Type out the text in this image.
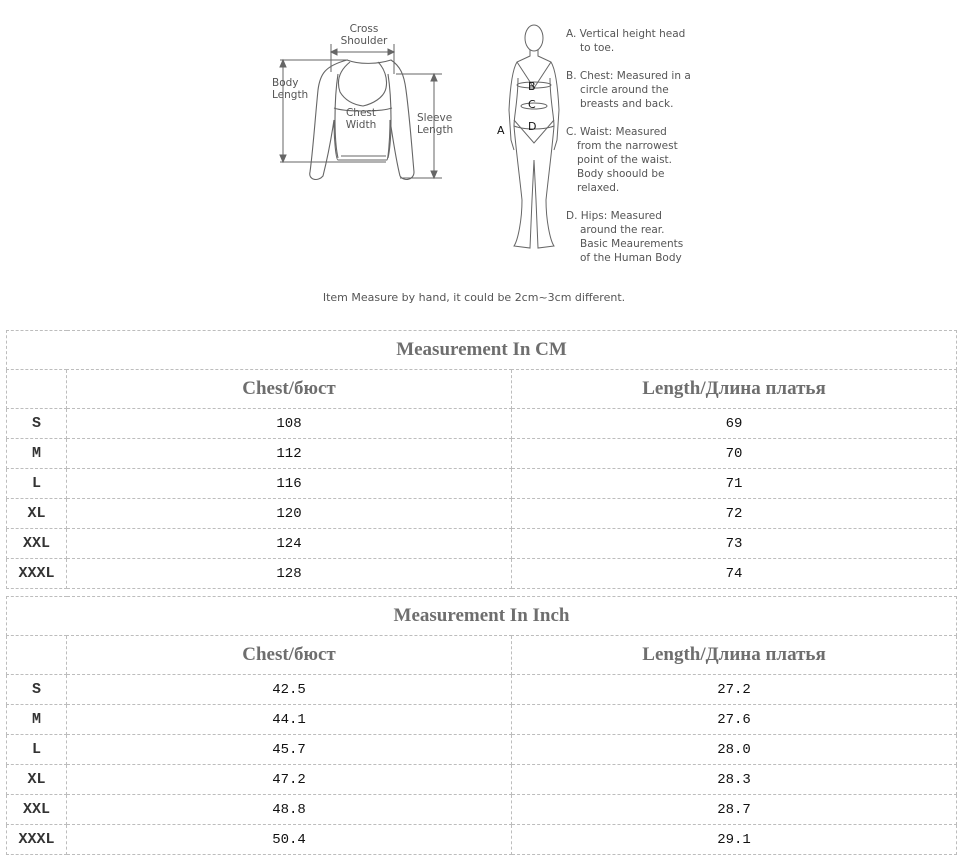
Cross
Shoulder
Body
Length
Chest
Width
Sleeve
Length
B
C
D
A
A. Vertical height head
to toe.
B. Chest: Measured in a
circle around the
breasts and back.
C. Waist: Measured
from the narrowest
point of the waist.
Body shoould be
relaxed.
D. Hips: Measured
around the rear.
Basic Meaurements
of the Human Body
Item Measure by hand, it could be 2cm~3cm different.
Measurement In CM		
	Chest/бюст	Length/Длина платья
S	108	69
M	112	70
L	116	71
XL	120	72
XXL	124	73
XXXL	128	74
Measurement In Inch		
	Chest/бюст	Length/Длина платья
S	42.5	27.2
M	44.1	27.6
L	45.7	28.0
XL	47.2	28.3
XXL	48.8	28.7
XXXL	50.4	29.1
